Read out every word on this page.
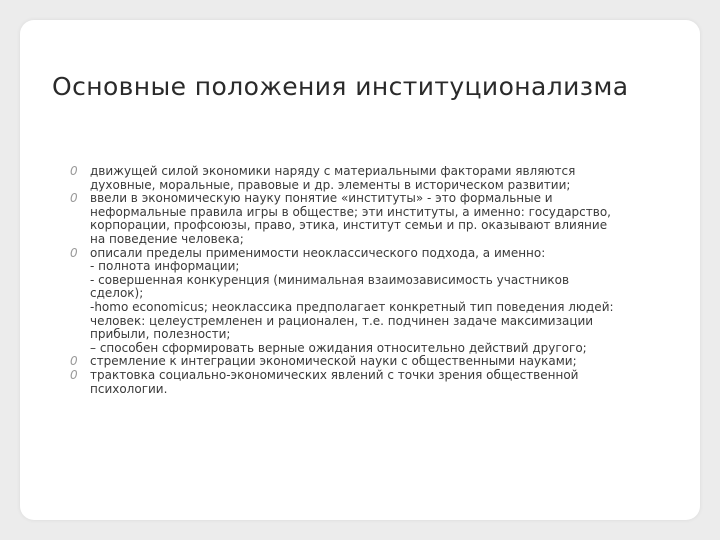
Основные положения институционализма
0 движущей силой экономики наряду с материальными факторами являются
духовные, моральные, правовые и др. элементы в историческом развитии;
0 ввели в экономическую науку понятие «институты» - это формальные и
неформальные правила игры в обществе; эти институты, а именно: государство,
корпорации, профсоюзы, право, этика, институт семьи и пр. оказывают влияние
на поведение человека;
0 описали пределы применимости неоклассического подхода, а именно:
- полнота информации;
- совершенная конкуренция (минимальная взаимозависимость участников
сделок);
-homo economicus; неоклассика предполагает конкретный тип поведения людей:
человек: целеустремленен и рационален, т.е. подчинен задаче максимизации
прибыли, полезности;
– способен сформировать верные ожидания относительно действий другого;
0 стремление к интеграции экономической науки с общественными науками;
0 трактовка социально-экономических явлений с точки зрения общественной
психологии.
